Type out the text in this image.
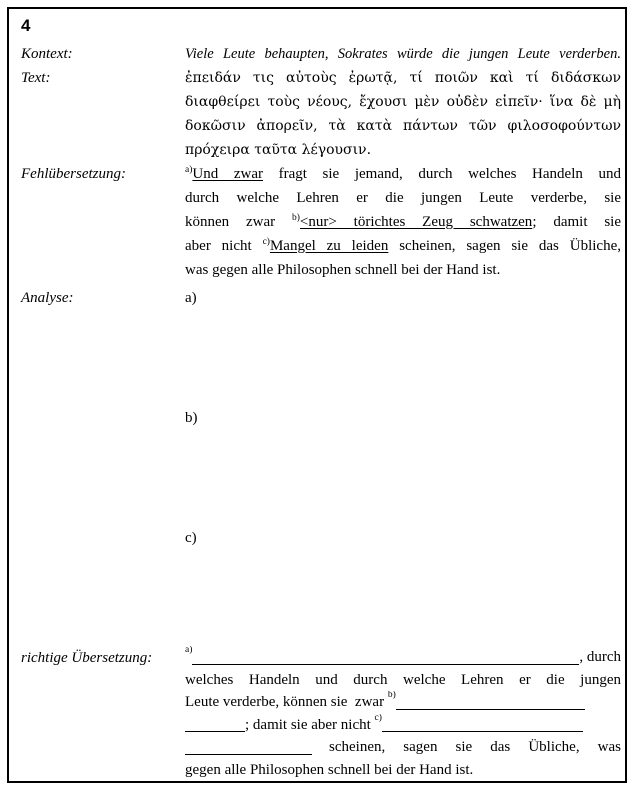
4
Kontext:	Viele Leute behaupten, Sokrates würde die jungen Leute verderben.
Text:	ἐπειδάν τις αὐτοὺς ἐρωτᾷ, τί ποιῶν καὶ τί διδάσκων
διαφθείρει τοὺς νέους, ἔχουσι μὲν οὐδὲν εἰπεῖν· ἵνα δὲ μὴ
δοκῶσιν ἀπορεῖν, τὰ κατὰ πάντων τῶν φιλοσοφούντων
πρόχειρα ταῦτα λέγουσιν.
Fehlübersetzung:	$^{a)}$Und zwar fragt sie jemand, durch welches Handeln und
durch welche Lehren er die jungen Leute verderbe, sie
können zwar $^{b)}$<nur> törichtes Zeug schwatzen; damit sie
aber nicht $^{c)}$Mangel zu leiden scheinen, sagen sie das Übliche,
was gegen alle Philosophen schnell bei der Hand ist.
Analyse:	a)
b)
c)
richtige Übersetzung:	a)	, durch
welches Handeln und durch welche Lehren er die jungen
Leute verderbe, können sie  zwar $^{b)}$
; damit sie aber nicht $^{c)}$
scheinen, sagen sie das Übliche, was
gegen alle Philosophen schnell bei der Hand ist.
